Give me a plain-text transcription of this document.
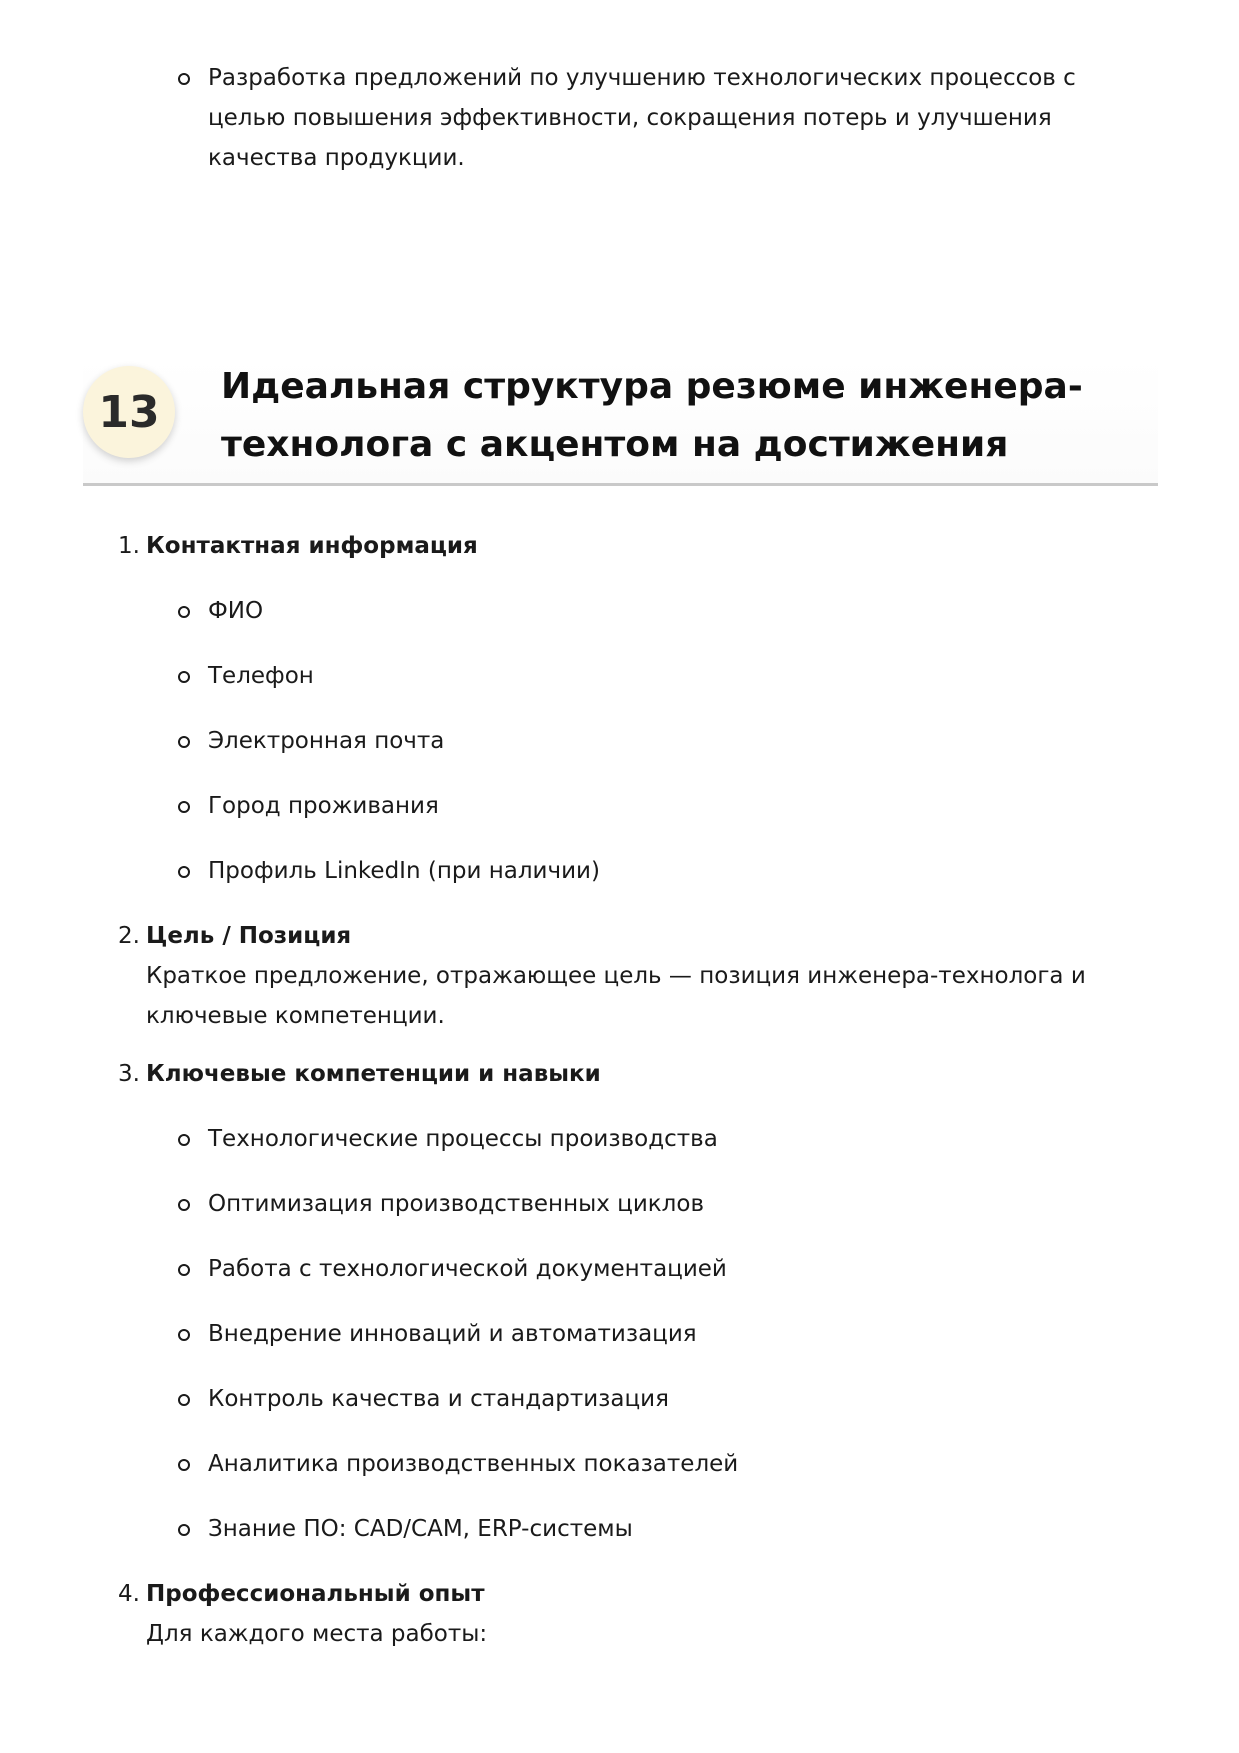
Разработка предложений по улучшению технологических процессов с целью повышения эффективности, сокращения потерь и улучшения качества продукции.
13	Идеальная структура резюме инженера-технолога с акцентом на достижения
1. Контактная информация
ФИО
Телефон
Электронная почта
Город проживания
Профиль LinkedIn (при наличии)
2. Цель / Позиция
Краткое предложение, отражающее цель — позиция инженера-технолога и ключевые компетенции.
3. Ключевые компетенции и навыки
Технологические процессы производства
Оптимизация производственных циклов
Работа с технологической документацией
Внедрение инноваций и автоматизация
Контроль качества и стандартизация
Аналитика производственных показателей
Знание ПО: CAD/CAM, ERP-системы
4. Профессиональный опыт
Для каждого места работы:
